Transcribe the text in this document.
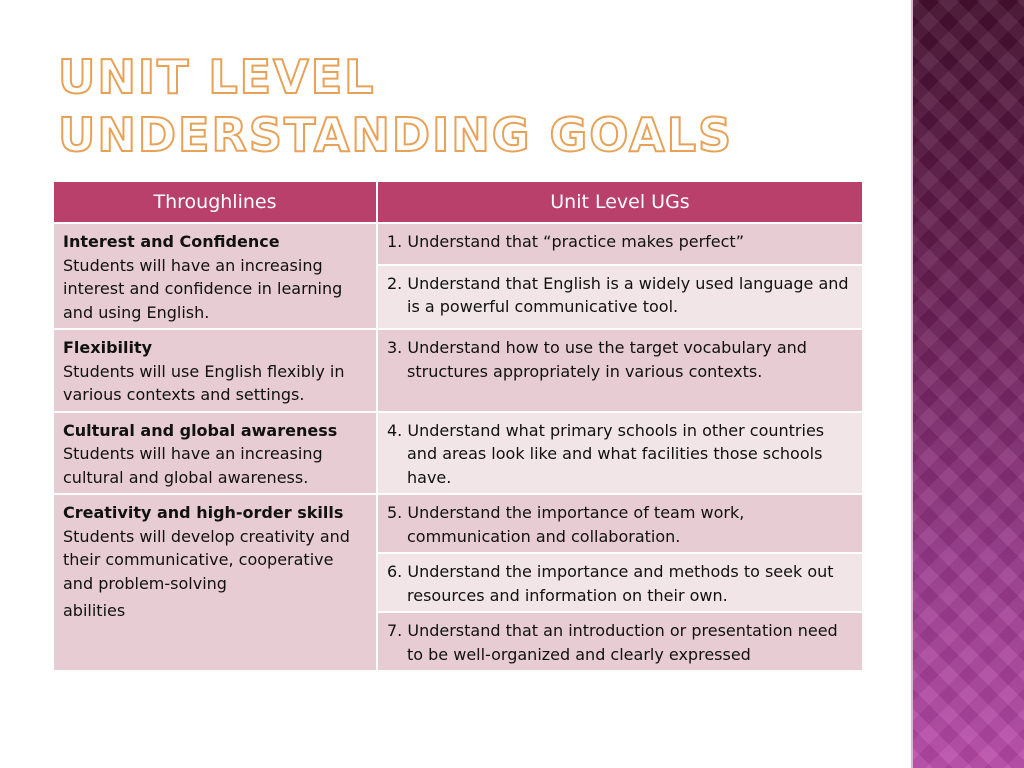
UNIT LEVEL
UNDERSTANDING GOALS
Throughlines	Unit Level UGs

Interest and Confidence
Students will have an increasing interest and confidence in learning and using English.	1. Understand that “practice makes perfect”

	2. Understand that English is a widely used language and is a powerful communicative tool.

Flexibility
Students will use English flexibly in various contexts and settings.	3. Understand how to use the target vocabulary and structures appropriately in various contexts.

Cultural and global awareness
Students will have an increasing cultural and global awareness.	4. Understand what primary schools in other countries and areas look like and what facilities those schools have.

Creativity and high-order skills
Students will develop creativity and their communicative, cooperative and problem-solving
abilities	5. Understand the importance of team work, communication and collaboration.

	6. Understand the importance and methods to seek out resources and information on their own.

	7. Understand that an introduction or presentation need to be well-organized and clearly expressed
